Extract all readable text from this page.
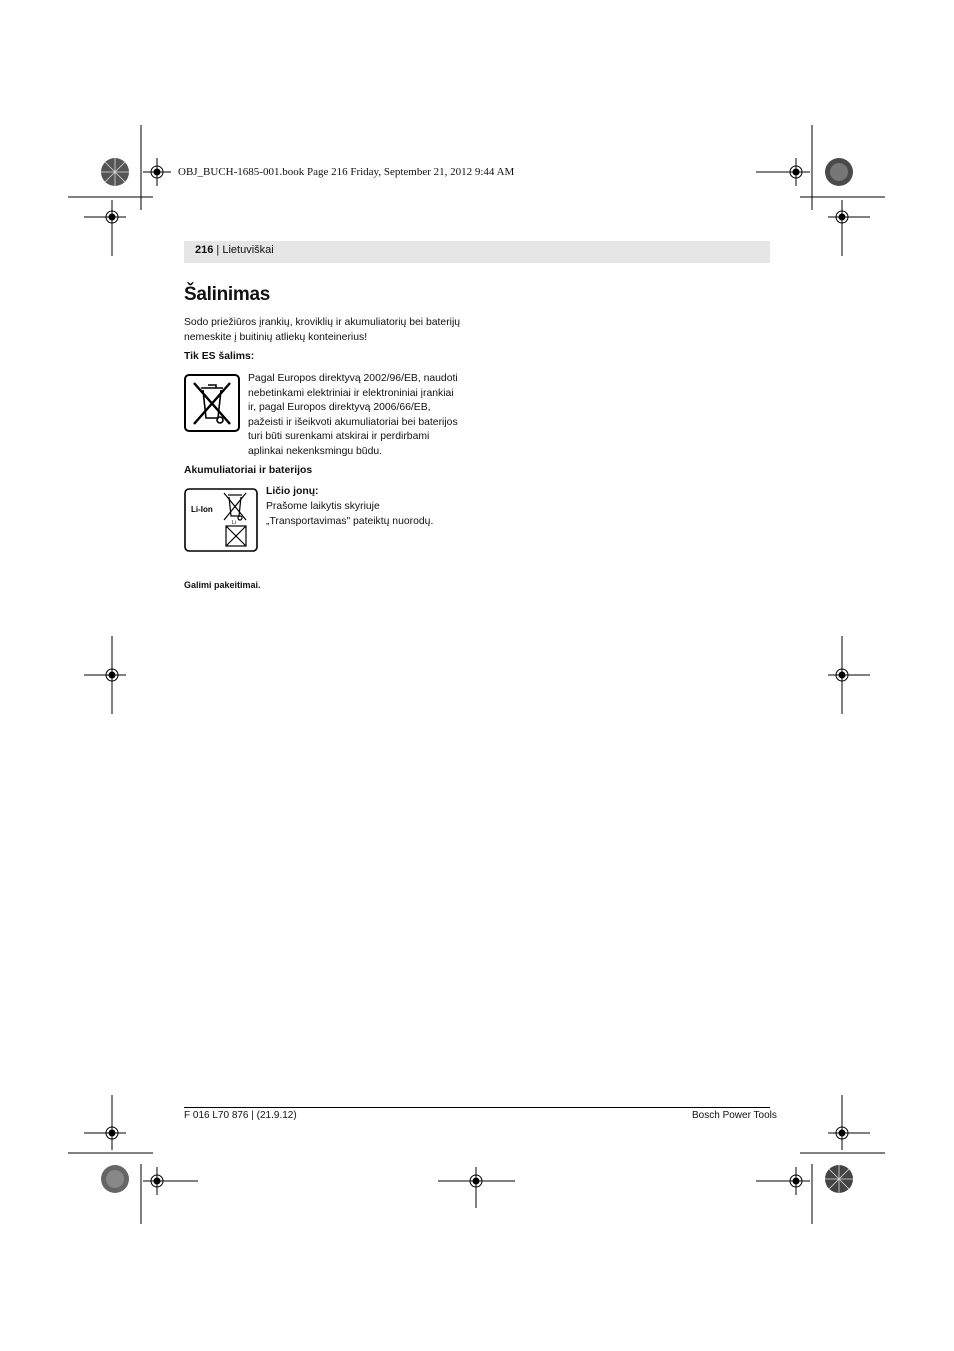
OBJ_BUCH-1685-001.book Page 216 Friday, September 21, 2012 9:44 AM
216 | Lietuviškai
Šalinimas
Sodo priežiūros įrankių, kroviklių ir akumuliatorių bei baterijų
nemeskite į buitinių atliekų konteinerius!
Tik ES šalims:
Pagal Europos direktyvą 2002/96/EB, naudoti
nebetinkami elektriniai ir elektroniniai įrankiai
ir, pagal Europos direktyvą 2006/66/EB,
pažeisti ir išeikvoti akumuliatoriai bei baterijos
turi būti surenkami atskirai ir perdirbami
aplinkai nekenksmingu būdu.
Akumuliatoriai ir baterijos
Li-Ion
Li
Ličio jonų:
Prašome laikytis skyriuje
„Transportavimas" pateiktų nuorodų.
Galimi pakeitimai.
F 016 L70 876 | (21.9.12)	Bosch Power Tools
